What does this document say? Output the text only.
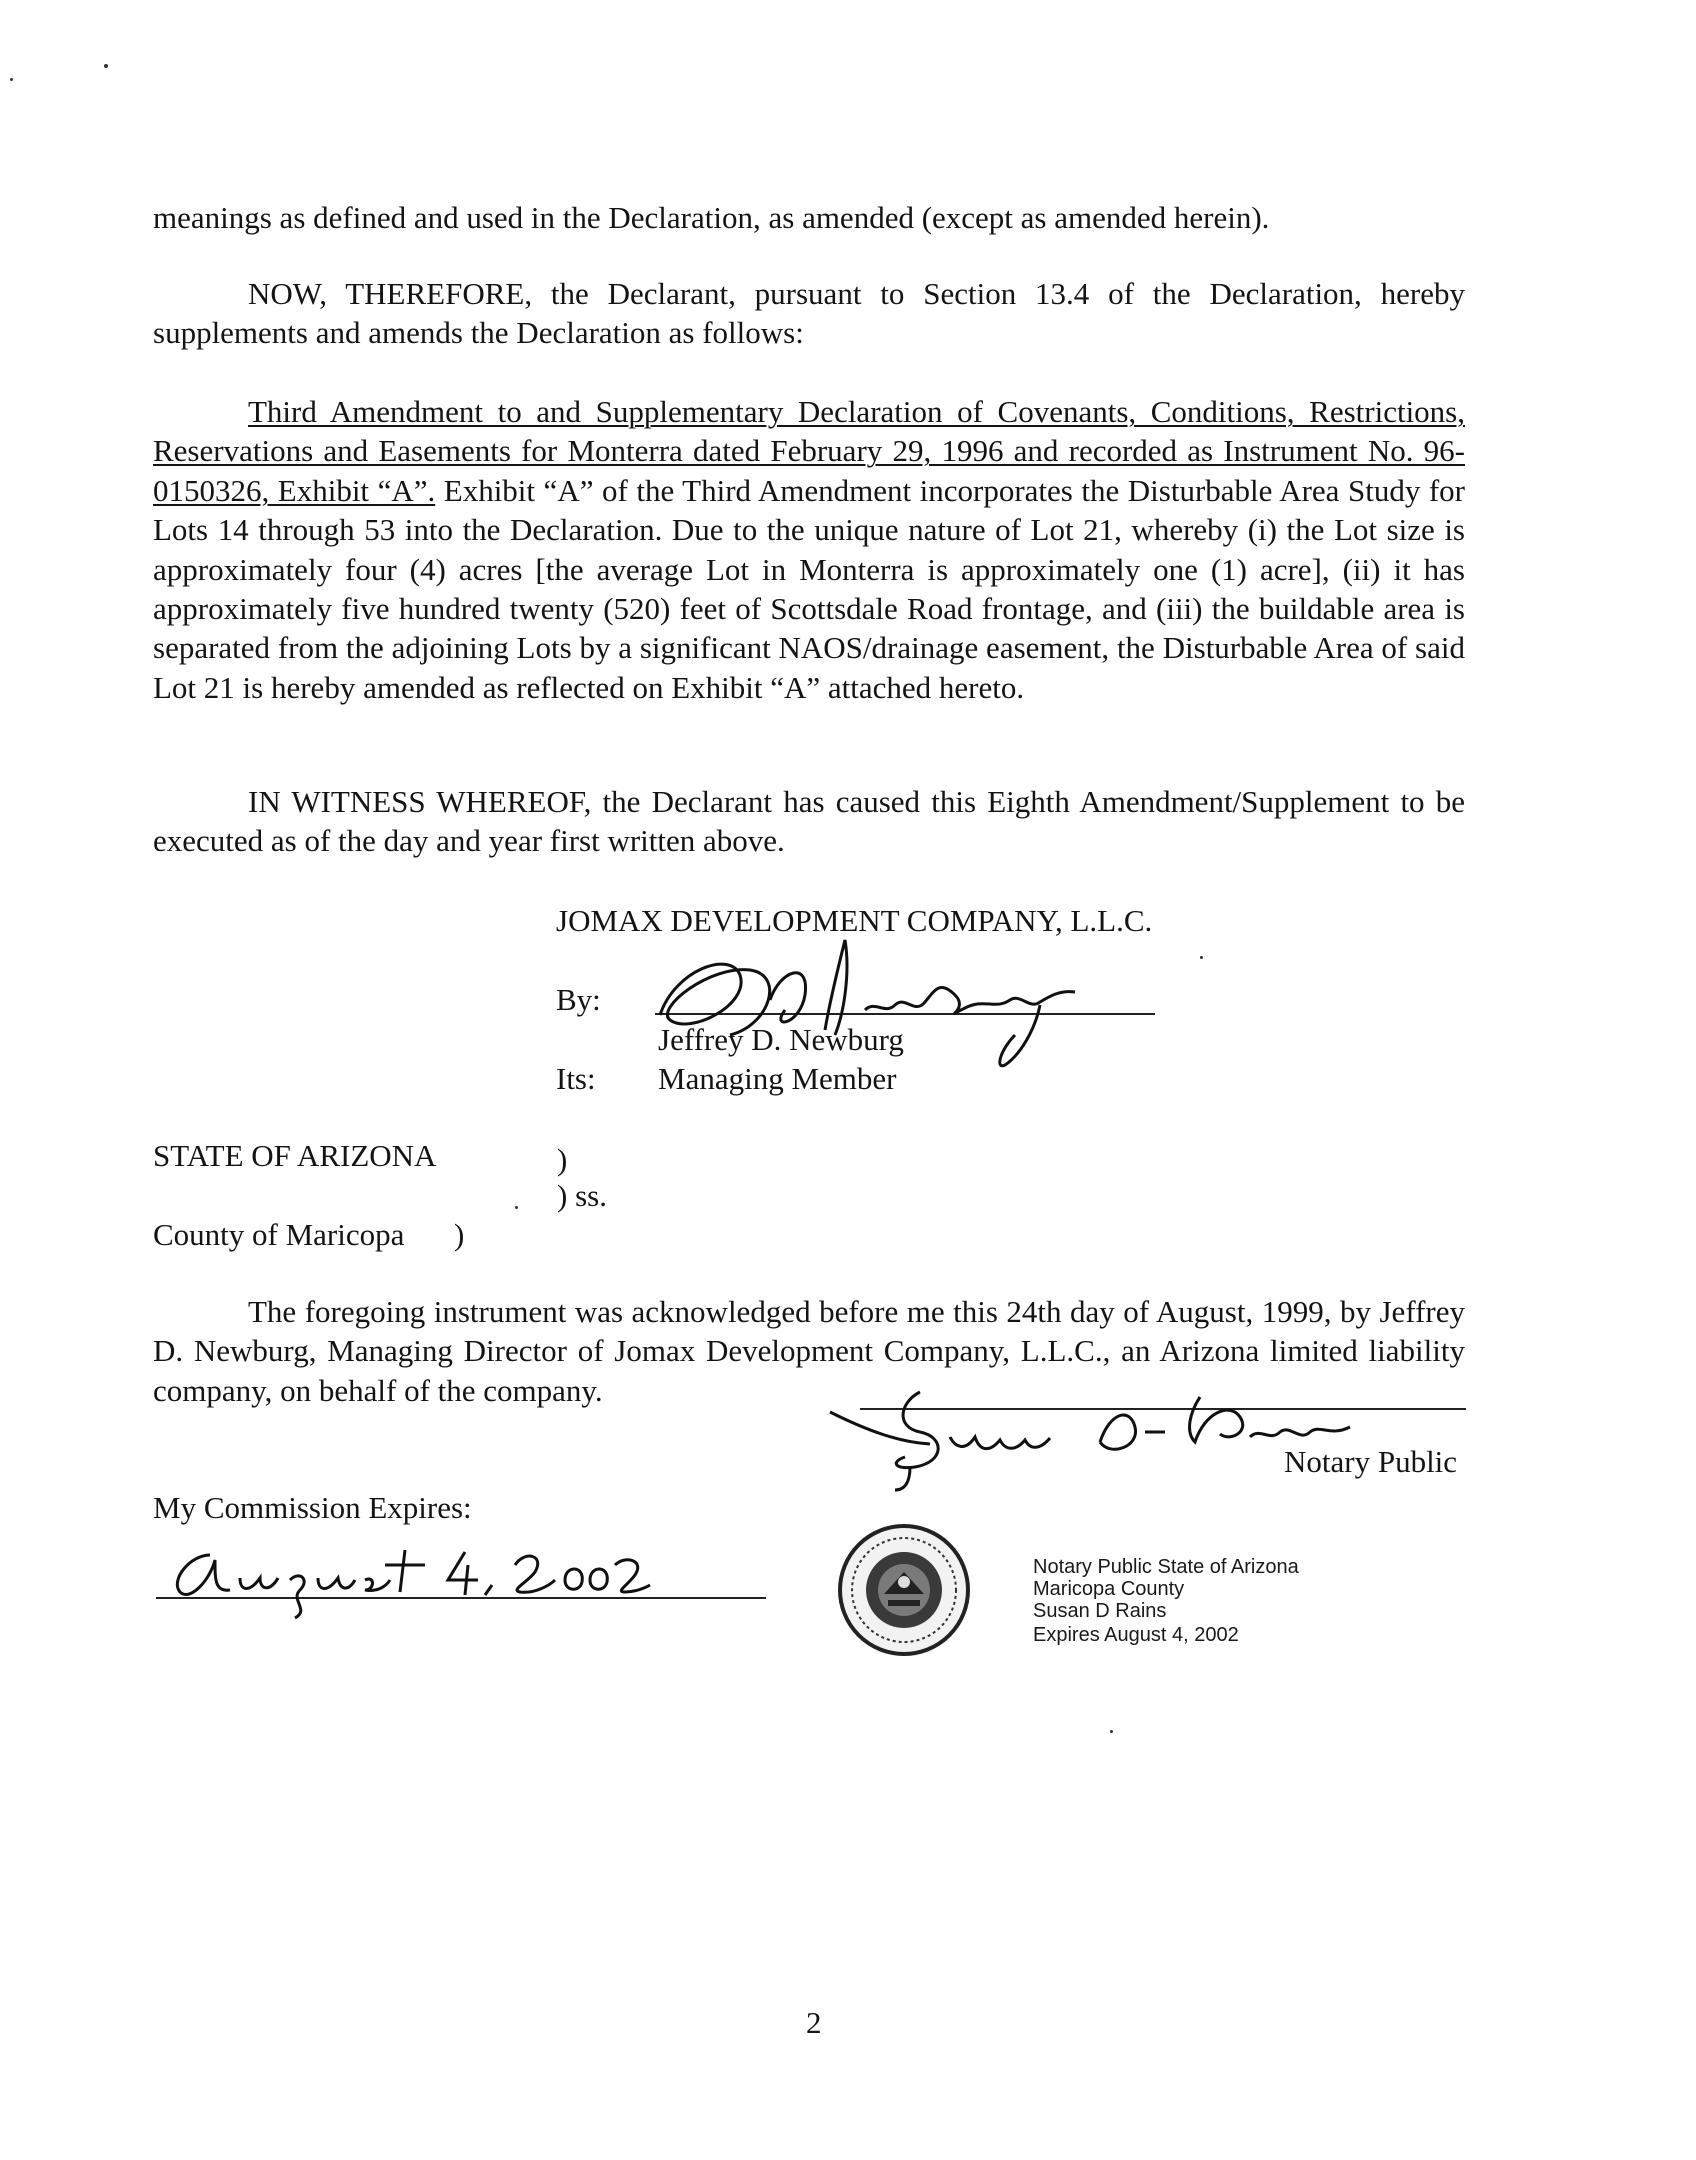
meanings as defined and used in the Declaration, as amended (except as amended herein).
NOW, THEREFORE, the Declarant, pursuant to Section 13.4 of the Declaration, hereby supplements and amends the Declaration as follows:
Third Amendment to and Supplementary Declaration of Covenants, Conditions, Restrictions, Reservations and Easements for Monterra dated February 29, 1996 and recorded as Instrument No. 96-0150326, Exhibit “A”. Exhibit “A” of the Third Amendment incorporates the Disturbable Area Study for Lots 14 through 53 into the Declaration. Due to the unique nature of Lot 21, whereby (i) the Lot size is approximately four (4) acres [the average Lot in Monterra is approximately one (1) acre], (ii) it has approximately five hundred twenty (520) feet of Scottsdale Road frontage, and (iii) the buildable area is separated from the adjoining Lots by a significant NAOS/drainage easement, the Disturbable Area of said Lot 21 is hereby amended as reflected on Exhibit “A” attached hereto.
IN WITNESS WHEREOF, the Declarant has caused this Eighth Amendment/Supplement to be executed as of the day and year first written above.
JOMAX DEVELOPMENT COMPANY, L.L.C.
By:
Jeffrey D. Newburg
Its: Managing Member
STATE OF ARIZONA	)
) ss.
County of Maricopa )
The foregoing instrument was acknowledged before me this 24th day of August, 1999, by Jeffrey D. Newburg, Managing Director of Jomax Development Company, L.L.C., an Arizona limited liability company, on behalf of the company.
Notary Public
My Commission Expires:
Notary Public State of Arizona
Maricopa County
Susan D Rains
Expires August 4, 2002
2
